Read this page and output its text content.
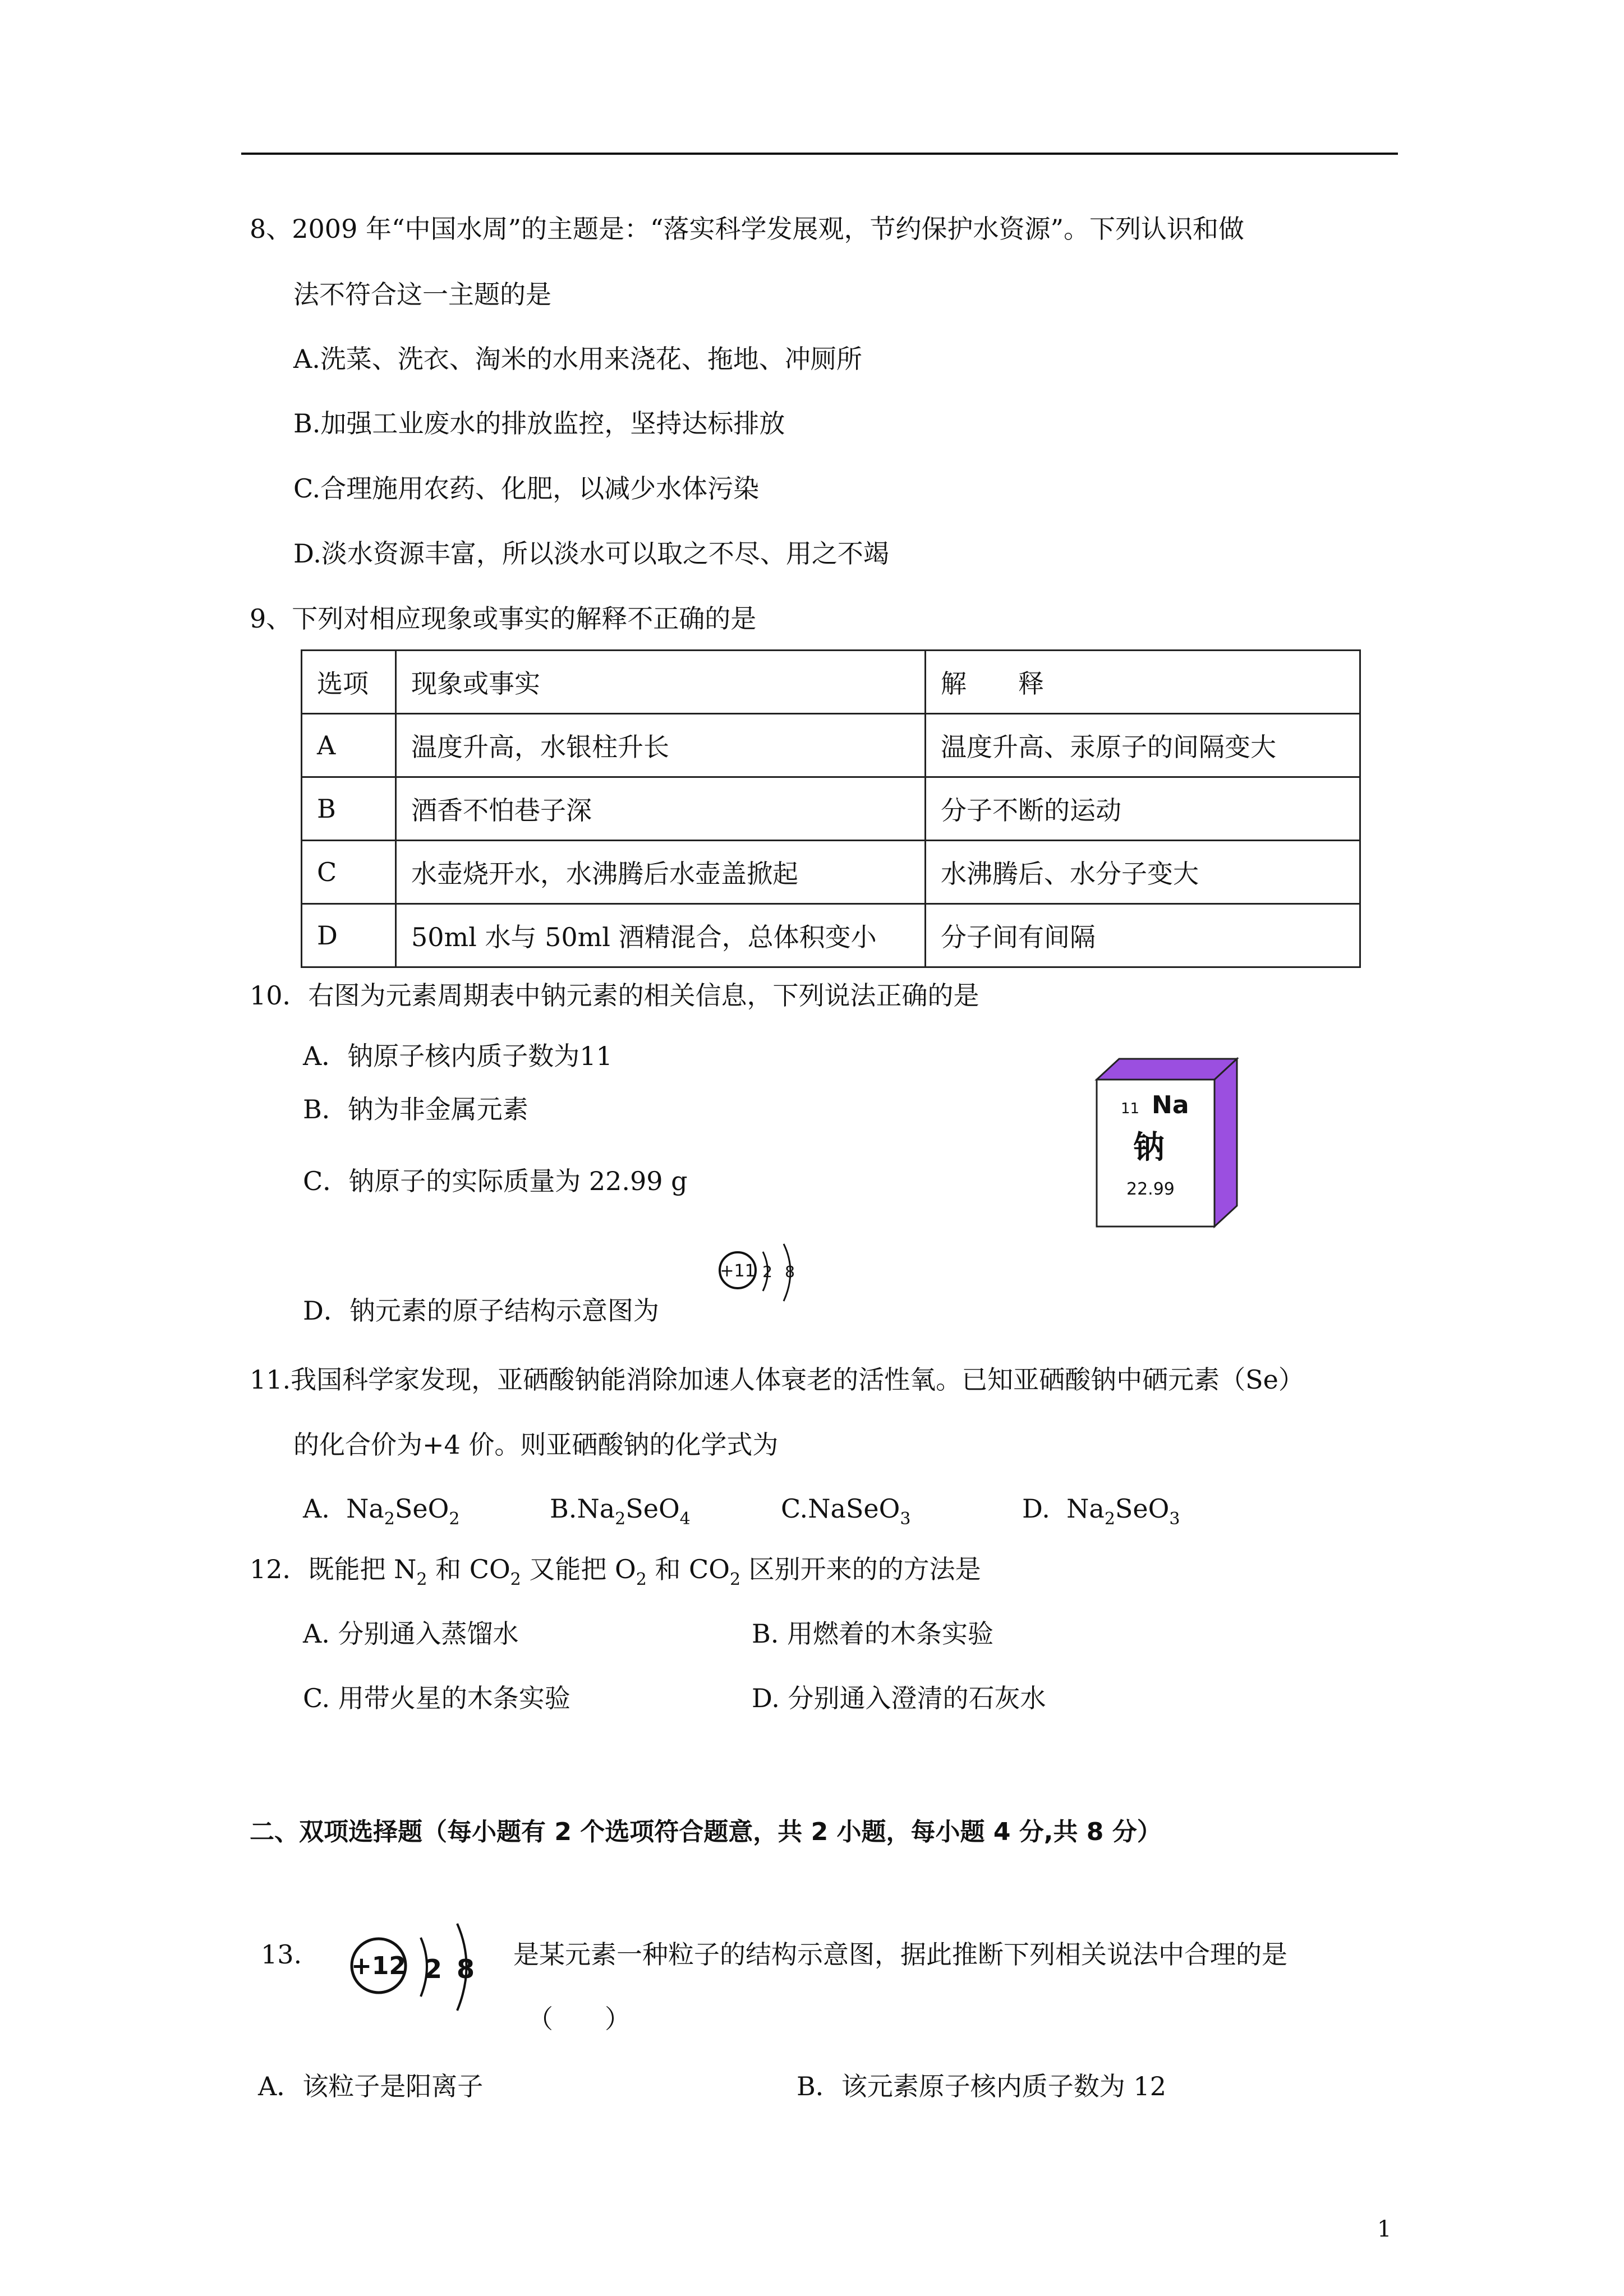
8、2009 年“中国水周”的主题是：“落实科学发展观，节约保护水资源”。下列认识和做
法不符合这一主题的是
A.洗菜、洗衣、淘米的水用来浇花、拖地、冲厕所
B.加强工业废水的排放监控，坚持达标排放
C.合理施用农药、化肥，以减少水体污染
D.淡水资源丰富，所以淡水可以取之不尽、用之不竭
9、下列对相应现象或事实的解释不正确的是
选项	现象或事实	解　　释
A	温度升高，水银柱升长	温度升高、汞原子的间隔变大
B	酒香不怕巷子深	分子不断的运动
C	水壶烧开水，水沸腾后水壶盖掀起	水沸腾后、水分子变大
D	50ml 水与 50ml 酒精混合，总体积变小	分子间有间隔
10．右图为元素周期表中钠元素的相关信息，下列说法正确的是
A．钠原子核内质子数为11
B．钠为非金属元素
C．钠原子的实际质量为 22.99 g
D．钠元素的原子结构示意图为
11 Na
钠
22.99
+11 2 8
11.我国科学家发现，亚硒酸钠能消除加速人体衰老的活性氧。已知亚硒酸钠中硒元素（Se）
的化合价为+4 价。则亚硒酸钠的化学式为
A. $Na_2SeO_2$	$B.Na_2SeO_4$	C.NaSeO$_3$	D. $Na_2SeO_3$
12．既能把 $N_2$ 和 $CO_2$ 又能把 $O_2$ 和 $CO_2$ 区别开来的的方法是
A. 分别通入蒸馏水	B. 用燃着的木条实验
C. 用带火星的木条实验	D. 分别通入澄清的石灰水
二、双项选择题（每小题有 2 个选项符合题意，共 2 小题，每小题 4 分,共 8 分）
13. +12 2 8 是某元素一种粒子的结构示意图，据此推断下列相关说法中合理的是
（　　）
A．该粒子是阳离子	B．该元素原子核内质子数为 12
1
